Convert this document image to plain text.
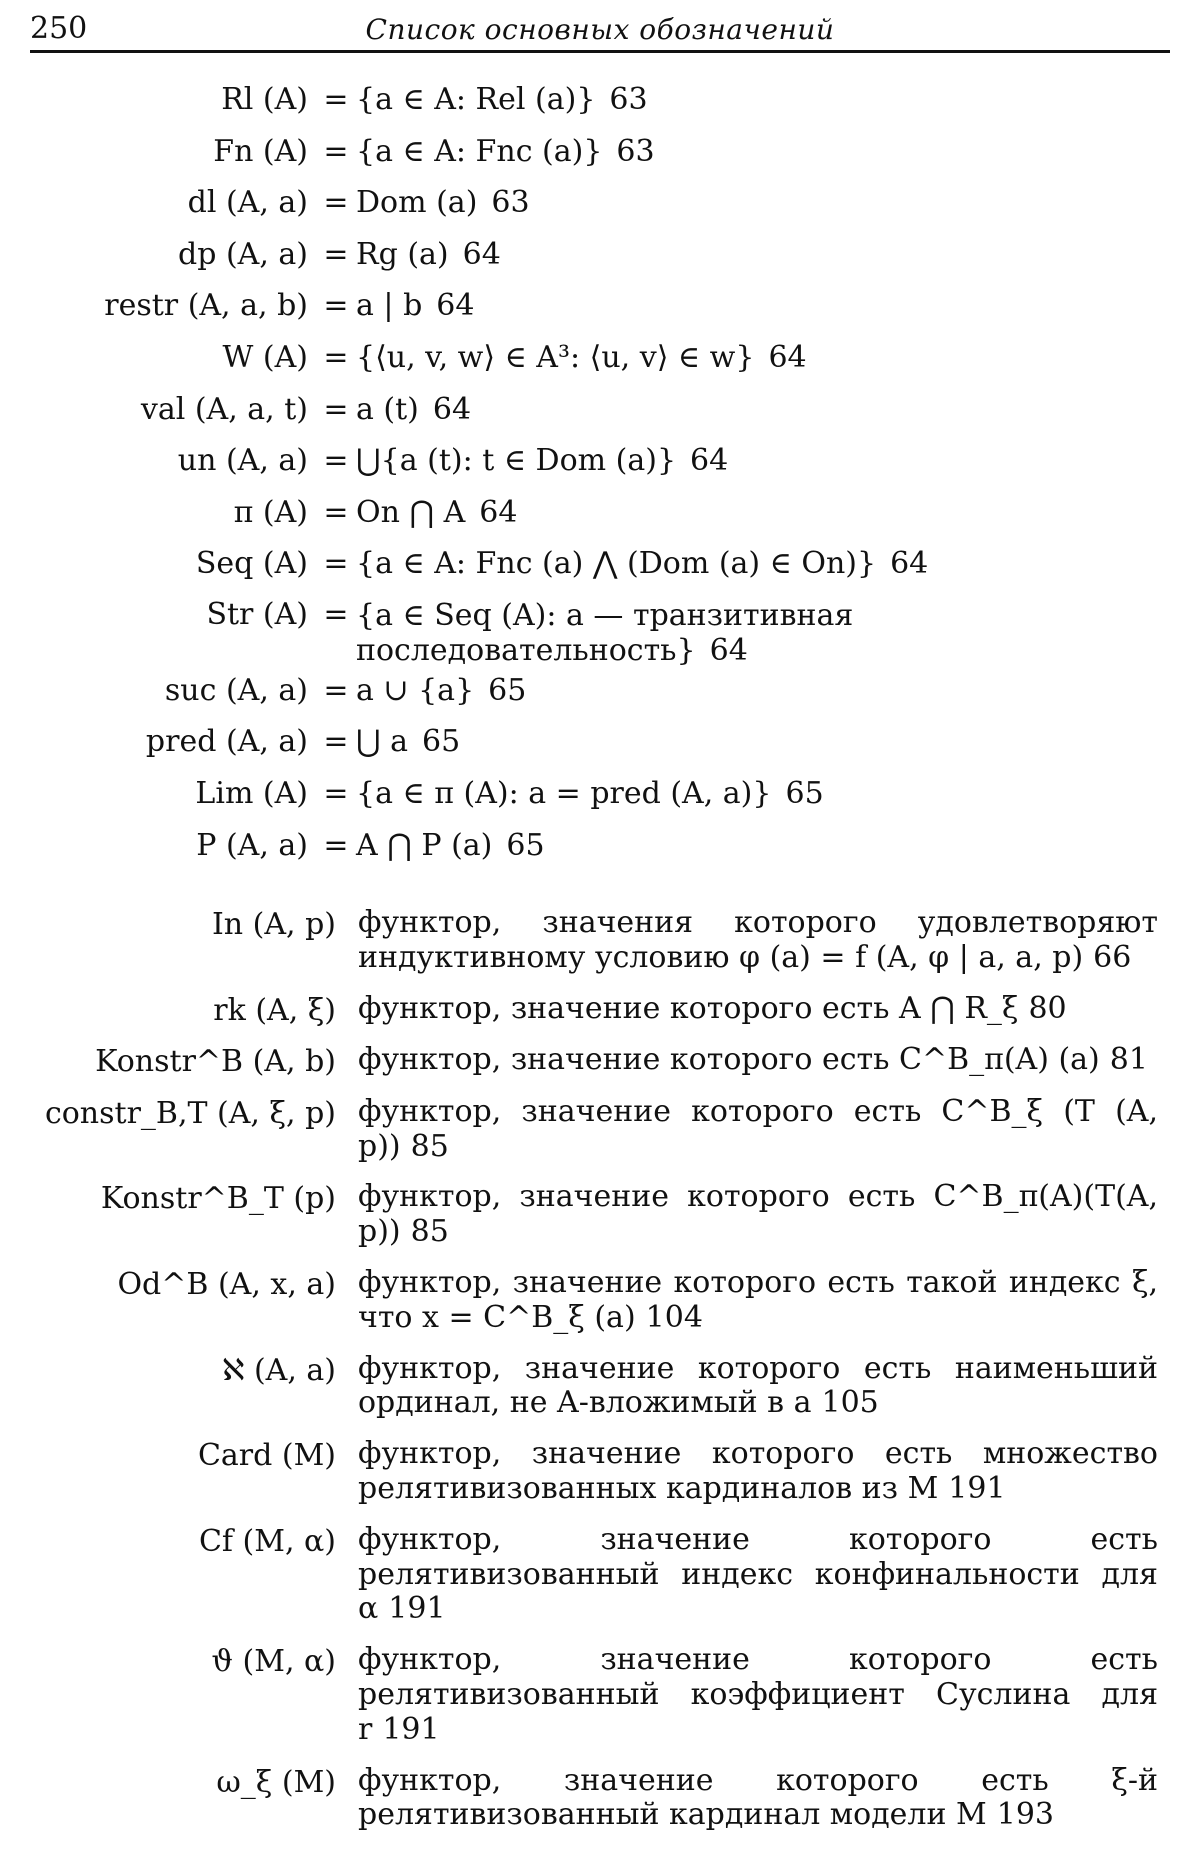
250	Список основных обозначений
Rl (A) = {a ∈ A: Rel (a)} 63
Fn (A) = {a ∈ A: Fnc (a)} 63
dl (A, a) = Dom (a) 63
dp (A, a) = Rg (a) 64
restr (A, a, b) = a | b 64
W (A) = {⟨u, v, w⟩ ∈ A³: ⟨u, v⟩ ∈ w} 64
val (A, a, t) = a (t) 64
un (A, a) = ⋃{a (t): t ∈ Dom (a)} 64
π (A) = On ⋂ A 64
Seq (A) = {a ∈ A: Fnc (a) ⋀ (Dom (a) ∈ On)} 64
Str (A) = {a ∈ Seq (A): a — транзитивная последовательность} 64
suc (A, a) = a ∪ {a} 65
pred (A, a) = ⋃ a 65
Lim (A) = {a ∈ π (A): a = pred (A, a)} 65
P (A, a) = A ⋂ P (a) 65
In (A, p) функтор, значения которого удовлетворяют индуктивному условию φ (a) = f (A, φ | a, a, p) 66
rk (A, ξ) функтор, значение которого есть A ⋂ R_ξ 80
Konstr^B (A, b) функтор, значение которого есть C^B_π(A) (a) 81
constr_B,T (A, ξ, p) функтор, значение которого есть C^B_ξ (T (A, p)) 85
Konstr^B_T (p) функтор, значение которого есть C^B_π(A)(T(A, p)) 85
Od^B (A, x, a) функтор, значение которого есть такой индекс ξ, что x = C^B_ξ (a) 104
ℵ (A, a) функтор, значение которого есть наименьший ординал, не A-вложимый в a 105
Card (M) функтор, значение которого есть множество релятивизованных кардиналов из M 191
Cf (M, α) функтор, значение которого есть релятивизованный индекс конфинальности для α 191
ϑ (M, α) функтор, значение которого есть релятивизованный коэффициент Суслина для r 191
ω_ξ (M) функтор, значение которого есть ξ-й релятивизованный кардинал модели M 193
